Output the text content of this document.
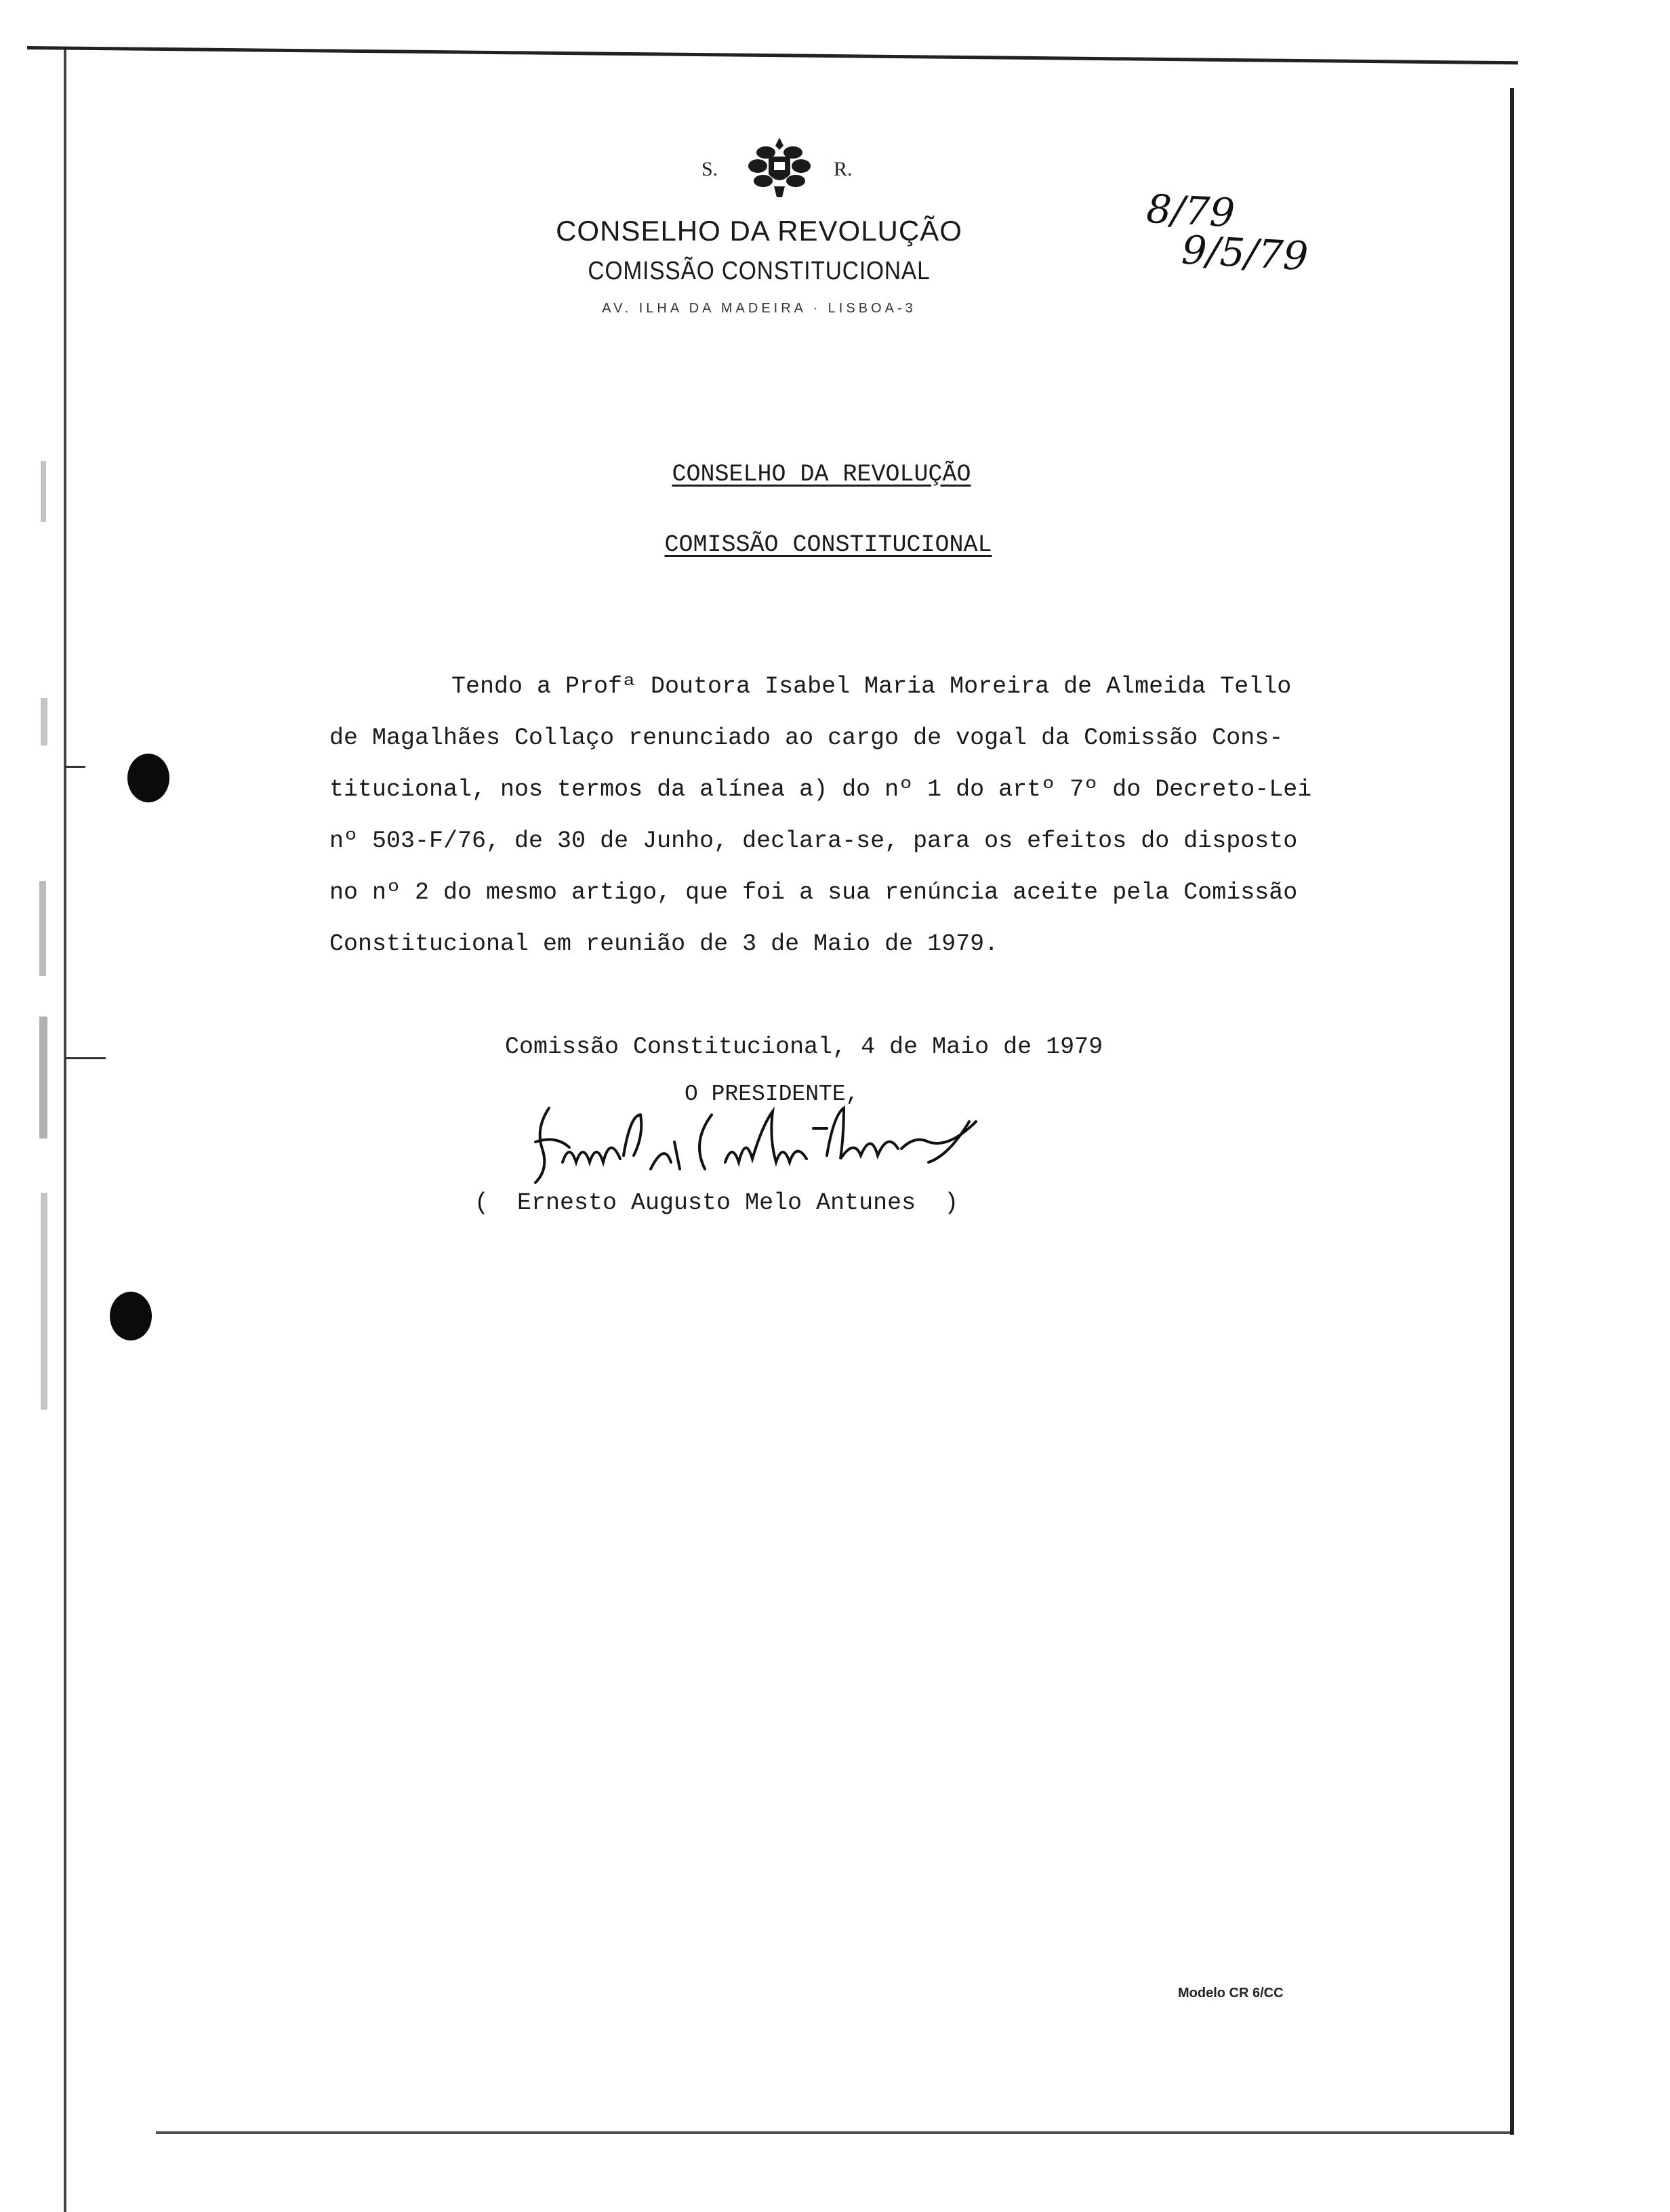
S.	R.
CONSELHO DA REVOLUÇÃO
COMISSÃO CONSTITUCIONAL
AV. ILHA DA MADEIRA · LISBOA-3
8/79
9/5/79
CONSELHO DA REVOLUÇÃO
COMISSÃO CONSTITUCIONAL
Tendo a Profª Doutora Isabel Maria Moreira de Almeida Tello
de Magalhães Collaço renunciado ao cargo de vogal da Comissão Cons-
titucional, nos termos da alínea a) do nº 1 do artº 7º do Decreto-Lei
nº 503-F/76, de 30 de Junho, declara-se, para os efeitos do disposto
no nº 2 do mesmo artigo, que foi a sua renúncia aceite pela Comissão
Constitucional em reunião de 3 de Maio de 1979.
Comissão Constitucional, 4 de Maio de 1979
O PRESIDENTE,
(  Ernesto Augusto Melo Antunes  )
Modelo CR 6/CC
